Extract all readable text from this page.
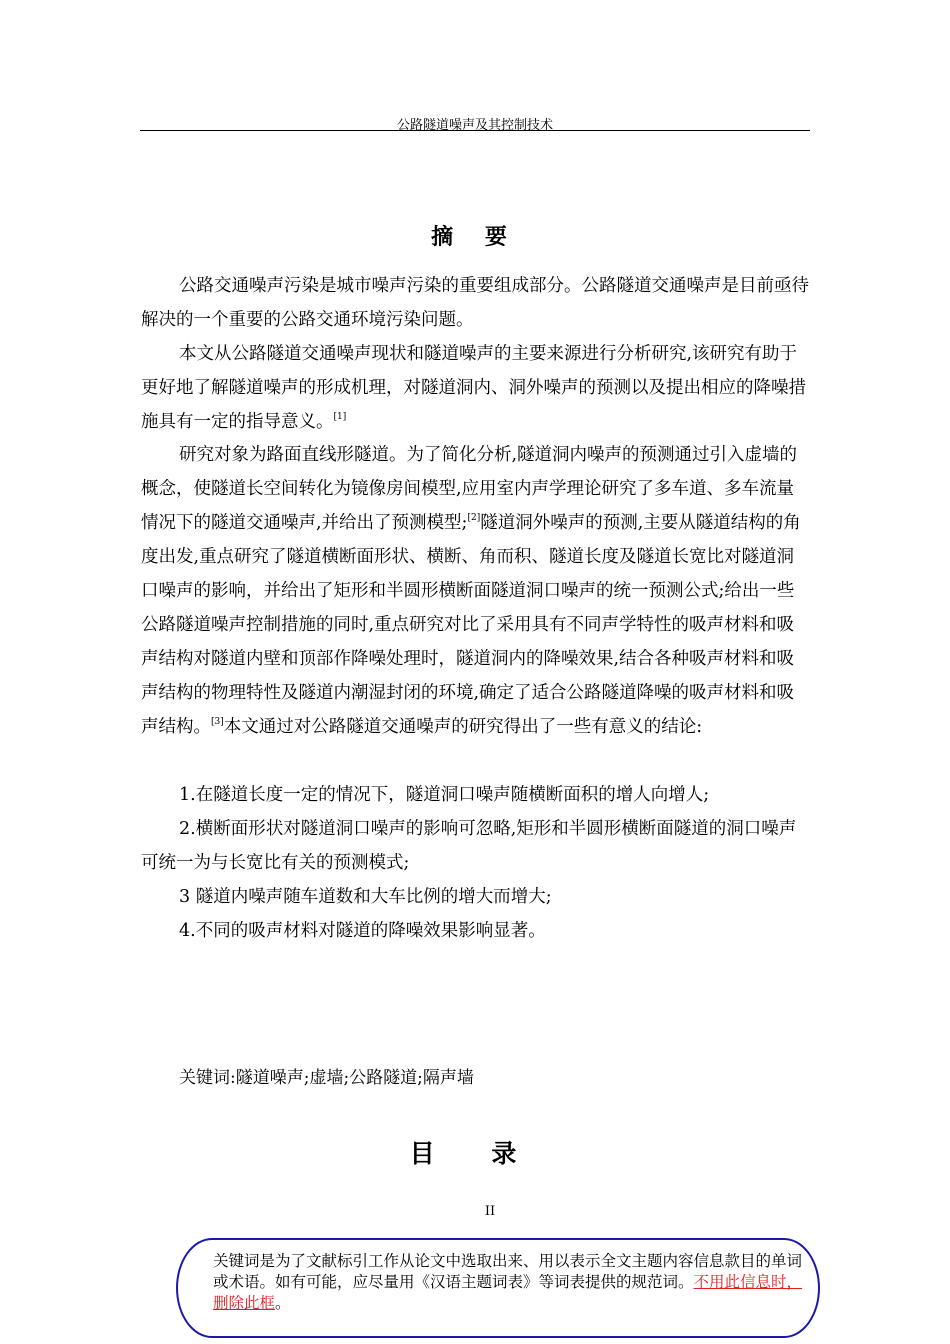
公路隧道噪声及其控制技术
摘 要

公路交通噪声污染是城市噪声污染的重要组成部分。公路隧道交通噪声是目前亟待解决的一个重要的公路交通环境污染问题。

本文从公路隧道交通噪声现状和隧道噪声的主要来源进行分析研究,该研究有助于更好地了解隧道噪声的形成机理，对隧道洞内、洞外噪声的预测以及提出相应的降噪措施具有一定的指导意义。[1]

研究对象为路面直线形隧道。为了简化分析,隧道洞内噪声的预测通过引入虚墙的概念，使隧道长空间转化为镜像房间模型,应用室内声学理论研究了多车道、多车流量情况下的隧道交通噪声,并给出了预测模型;[2]隧道洞外噪声的预测,主要从隧道结构的角度出发,重点研究了隧道横断面形状、横断、角而积、隧道长度及隧道长宽比对隧道洞口噪声的影响，并给出了矩形和半圆形横断面隧道洞口噪声的统一预测公式;给出一些公路隧道噪声控制措施的同时,重点研究对比了采用具有不同声学特性的吸声材料和吸声结构对隧道内壁和顶部作降噪处理时，隧道洞内的降噪效果,结合各种吸声材料和吸声结构的物理特性及隧道内潮湿封闭的环境,确定了适合公路隧道降噪的吸声材料和吸声结构。[3]本文通过对公路隧道交通噪声的研究得出了一些有意义的结论:

1.在隧道长度一定的情况下，隧道洞口噪声随横断面积的增人向增人;

2.横断面形状对隧道洞口噪声的影响可忽略,矩形和半圆形横断面隧道的洞口噪声可统一为与长宽比有关的预测模式;

3 隧道内噪声随车道数和大车比例的增大而增大;

4.不同的吸声材料对隧道的降噪效果影响显著。

关键词:隧道噪声;虚墙;公路隧道;隔声墙
目 录
II

关键词是为了文献标引工作从论文中选取出来、用以表示全文主题内容信息款目的单词或术语。如有可能，应尽量用《汉语主题词表》等词表提供的规范词。不用此信息时，删除此框。
